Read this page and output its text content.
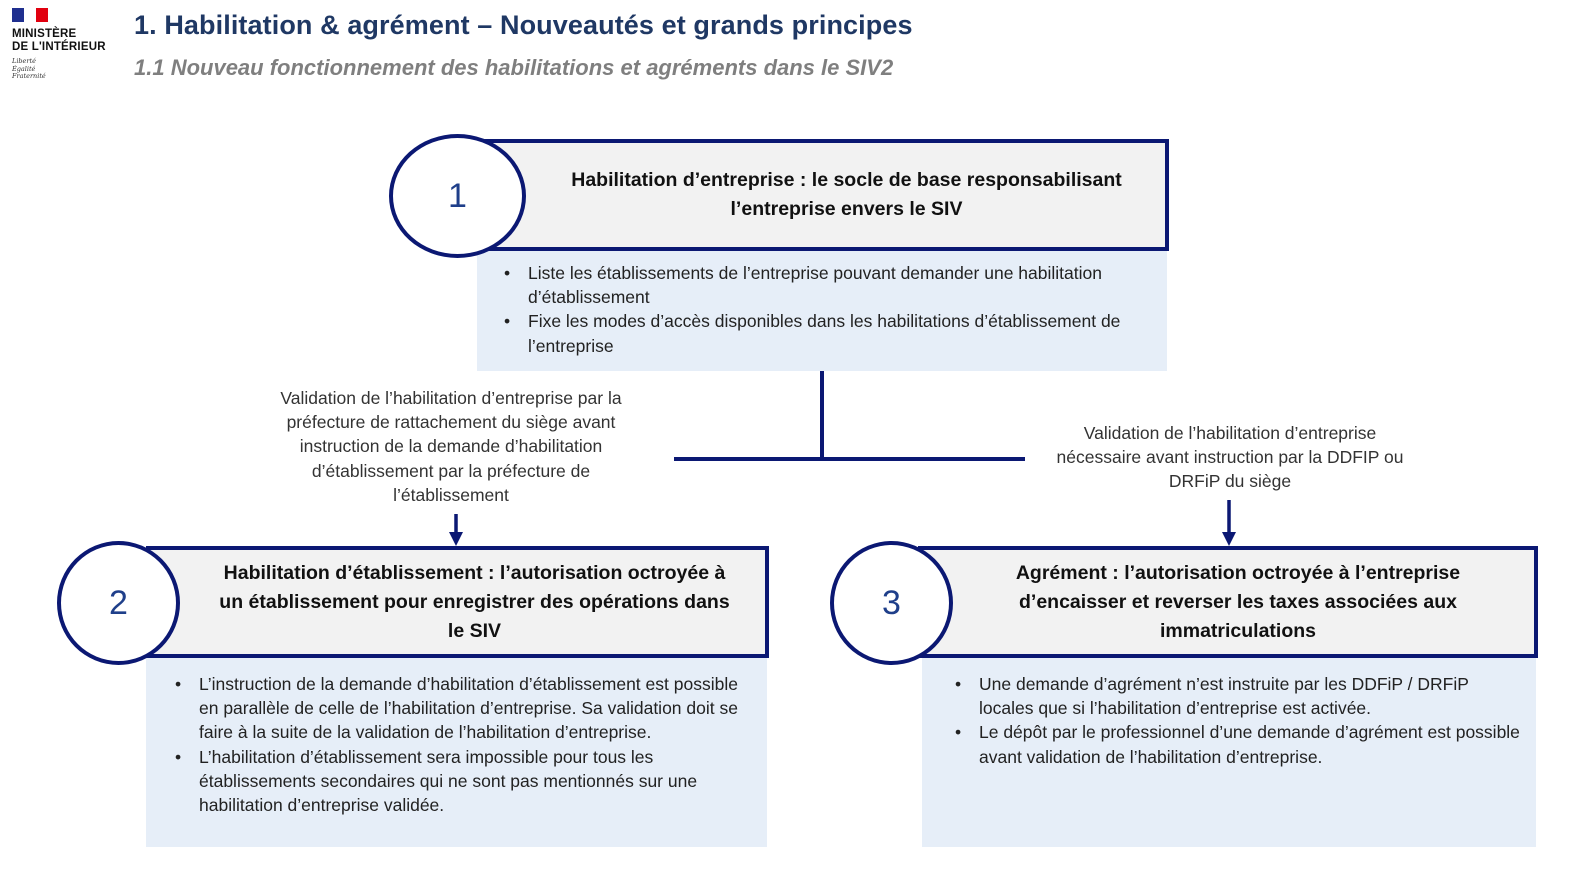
MINISTÈRE
DE L'INTÉRIEUR
Liberté
Égalité
Fraternité
1. Habilitation & agrément – Nouveautés et grands principes
1.1 Nouveau fonctionnement des habilitations et agréments dans le SIV2
• Liste les établissements de l’entreprise pouvant demander une habilitation d’établissement
• Fixe les modes d’accès disponibles dans les habilitations d’établissement de l’entreprise
Habilitation d’entreprise : le socle de base responsabilisant
l’entreprise envers le SIV
1
Validation de l’habilitation d’entreprise par la
préfecture de rattachement du siège avant
instruction de la demande d’habilitation
d’établissement par la préfecture de
l’établissement
Validation de l’habilitation d’entreprise
nécessaire avant instruction par la DDFIP ou
DRFiP du siège
• L’instruction de la demande d’habilitation d’établissement est possible en parallèle de celle de l’habilitation d’entreprise. Sa validation doit se faire à la suite de la validation de l’habilitation d’entreprise.
• L’habilitation d’établissement sera impossible pour tous les établissements secondaires qui ne sont pas mentionnés sur une habilitation d’entreprise validée.
Habilitation d’établissement : l’autorisation octroyée à
un établissement pour enregistrer des opérations dans
le SIV
2
• Une demande d’agrément n’est instruite par les DDFiP / DRFiP locales que si l’habilitation d’entreprise est activée.
• Le dépôt par le professionnel d’une demande d’agrément est possible avant validation de l’habilitation d’entreprise.
Agrément : l’autorisation octroyée à l’entreprise
d’encaisser et reverser les taxes associées aux
immatriculations
3
